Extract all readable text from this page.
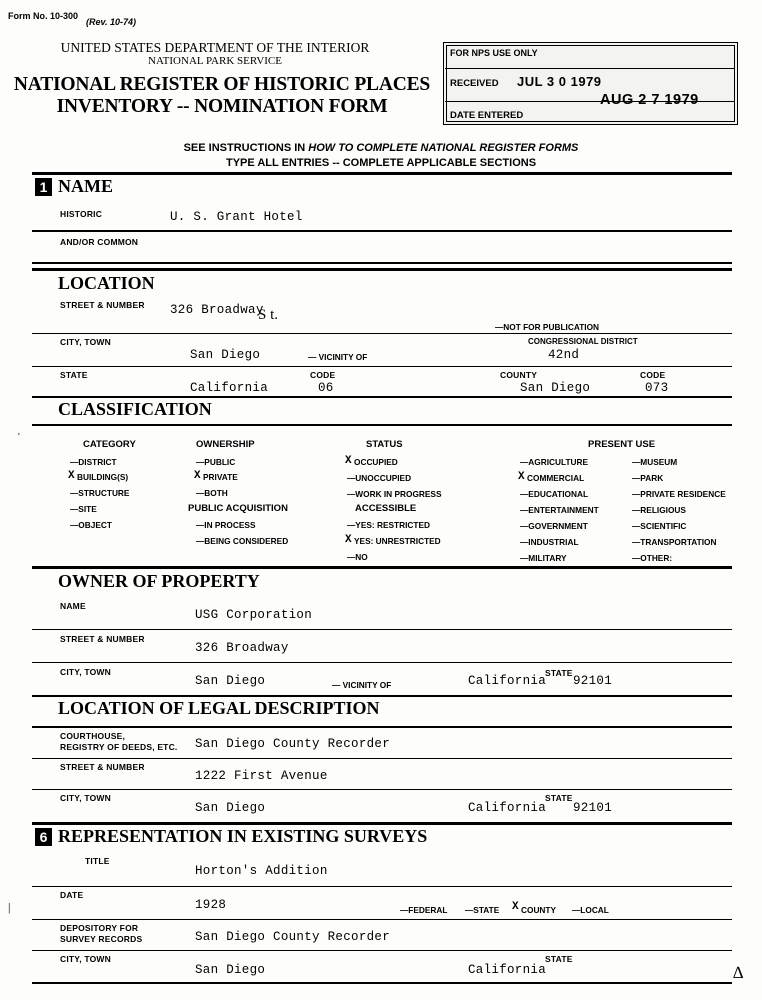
Form No. 10-300
(Rev. 10-74)
UNITED STATES DEPARTMENT OF THE INTERIOR
NATIONAL PARK SERVICE
NATIONAL REGISTER OF HISTORIC PLACES
INVENTORY -- NOMINATION FORM
FOR NPS USE ONLY
RECEIVED JUL 3 0 1979
DATE ENTERED
AUG 2 7 1979
SEE INSTRUCTIONS IN HOW TO COMPLETE NATIONAL REGISTER FORMS
TYPE ALL ENTRIES -- COMPLETE APPLICABLE SECTIONS
1 NAME
HISTORIC	U. S. Grant Hotel
AND/OR COMMON
LOCATION
STREET & NUMBER 326 Broadway
S t.
—NOT FOR PUBLICATION
CITY, TOWN	CONGRESSIONAL DISTRICT
San Diego	— VICINITY OF	42nd
STATE	CODE	COUNTY	CODE
California	06	San Diego	073
CLASSIFICATION
'
CATEGORY	OWNERSHIP	STATUS	PRESENT USE
—DISTRICT
X BUILDING(S)
—STRUCTURE
—SITE
—OBJECT
—PUBLIC
X PRIVATE
—BOTH
PUBLIC ACQUISITION
—IN PROCESS
—BEING CONSIDERED
X OCCUPIED
—UNOCCUPIED
—WORK IN PROGRESS
ACCESSIBLE
—YES: RESTRICTED
X YES: UNRESTRICTED
—NO
—AGRICULTURE
X COMMERCIAL
—EDUCATIONAL
—ENTERTAINMENT
—GOVERNMENT
—INDUSTRIAL
—MILITARY
—MUSEUM
—PARK
—PRIVATE RESIDENCE
—RELIGIOUS
—SCIENTIFIC
—TRANSPORTATION
—OTHER:
OWNER OF PROPERTY
NAME
USG Corporation
STREET & NUMBER
326 Broadway
CITY, TOWN
San Diego	— VICINITY OF
STATE
California 92101
LOCATION OF LEGAL DESCRIPTION
COURTHOUSE,
REGISTRY OF DEEDS, ETC. San Diego County Recorder
STREET & NUMBER
1222 First Avenue
CITY, TOWN
San Diego
STATE
California 92101
6 REPRESENTATION IN EXISTING SURVEYS
TITLE
Horton's Addition
DATE
1928
|	—FEDERAL —STATE X COUNTY —LOCAL
DEPOSITORY FOR
SURVEY RECORDS	San Diego County Recorder
CITY, TOWN	STATE
San Diego	California	∆
